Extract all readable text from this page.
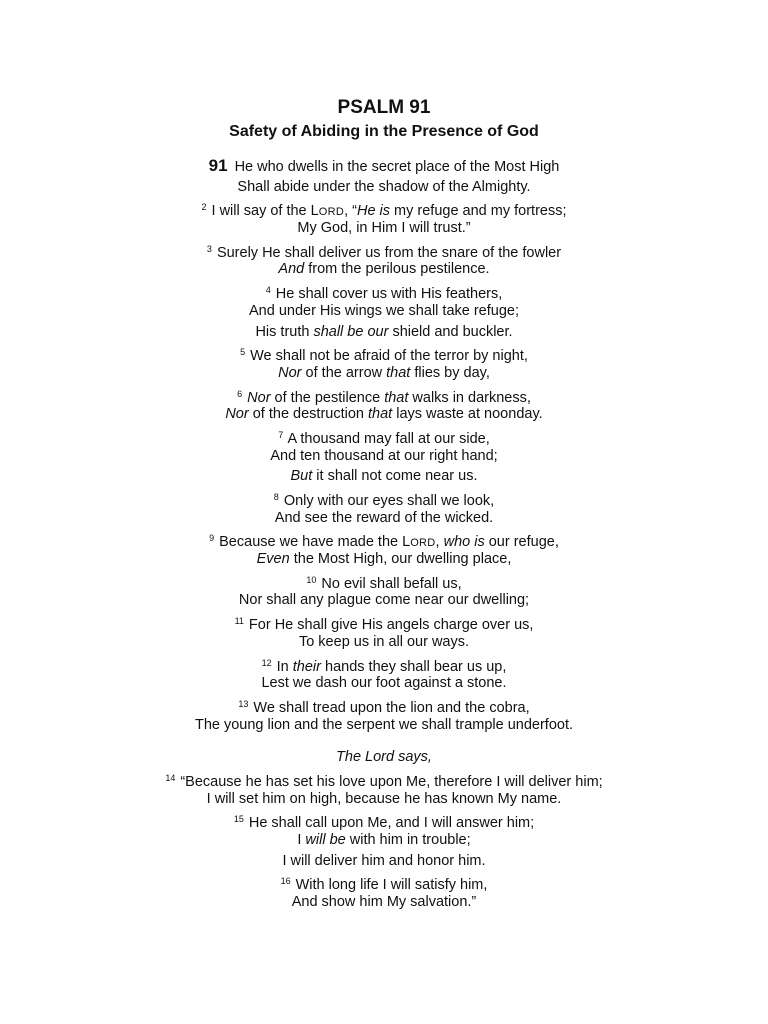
PSALM 91
Safety of Abiding in the Presence of God
91 He who dwells in the secret place of the Most High
Shall abide under the shadow of the Almighty.
$^2$ I will say of the LORD, “He is my refuge and my fortress;
My God, in Him I will trust.”
$^3$ Surely He shall deliver us from the snare of the fowler
And from the perilous pestilence.
$^4$ He shall cover us with His feathers,
And under His wings we shall take refuge;
His truth shall be our shield and buckler.
$^5$ We shall not be afraid of the terror by night,
Nor of the arrow that flies by day,
$^6$ Nor of the pestilence that walks in darkness,
Nor of the destruction that lays waste at noonday.
$^7$ A thousand may fall at our side,
And ten thousand at our right hand;
But it shall not come near us.
$^8$ Only with our eyes shall we look,
And see the reward of the wicked.
$^9$ Because we have made the LORD, who is our refuge,
Even the Most High, our dwelling place,
$^{10}$ No evil shall befall us,
Nor shall any plague come near our dwelling;
$^{11}$ For He shall give His angels charge over us,
To keep us in all our ways.
$^{12}$ In their hands they shall bear us up,
Lest we dash our foot against a stone.
$^{13}$ We shall tread upon the lion and the cobra,
The young lion and the serpent we shall trample underfoot.
The Lord says,
$^{14}$ “Because he has set his love upon Me, therefore I will deliver him;
I will set him on high, because he has known My name.
$^{15}$ He shall call upon Me, and I will answer him;
I will be with him in trouble;
I will deliver him and honor him.
$^{16}$ With long life I will satisfy him,
And show him My salvation.”
